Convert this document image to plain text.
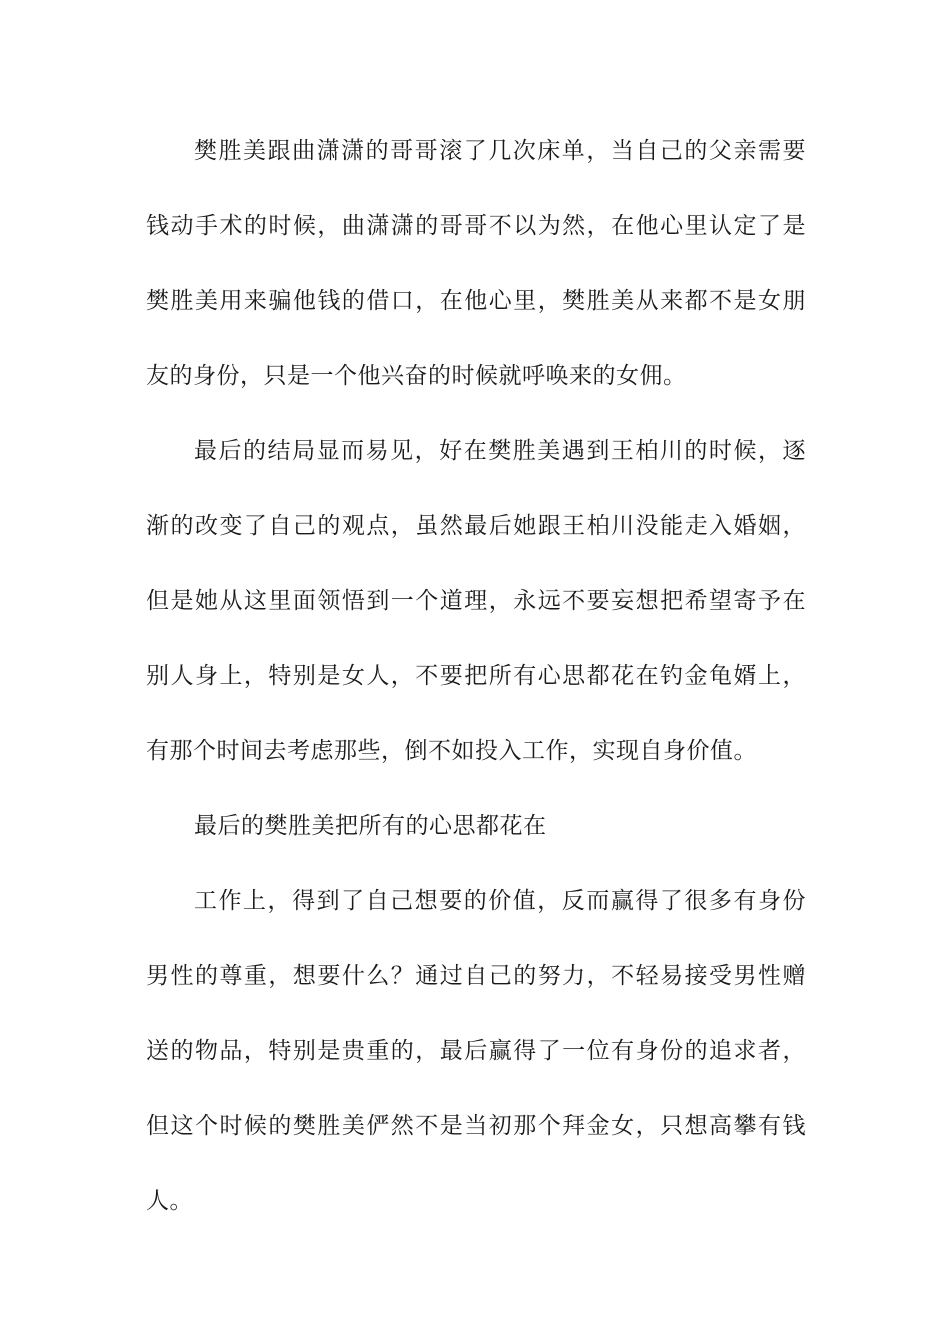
樊胜美跟曲潇潇的哥哥滚了几次床单，当自己的父亲需要
钱动手术的时候，曲潇潇的哥哥不以为然，在他心里认定了是
樊胜美用来骗他钱的借口，在他心里，樊胜美从来都不是女朋
友的身份，只是一个他兴奋的时候就呼唤来的女佣。
最后的结局显而易见，好在樊胜美遇到王柏川的时候，逐
渐的改变了自己的观点，虽然最后她跟王柏川没能走入婚姻，
但是她从这里面领悟到一个道理，永远不要妄想把希望寄予在
别人身上，特别是女人，不要把所有心思都花在钓金龟婿上，
有那个时间去考虑那些，倒不如投入工作，实现自身价值。
最后的樊胜美把所有的心思都花在
工作上，得到了自己想要的价值，反而赢得了很多有身份
男性的尊重，想要什么？通过自己的努力，不轻易接受男性赠
送的物品，特别是贵重的，最后赢得了一位有身份的追求者，
但这个时候的樊胜美俨然不是当初那个拜金女，只想高攀有钱
人。
